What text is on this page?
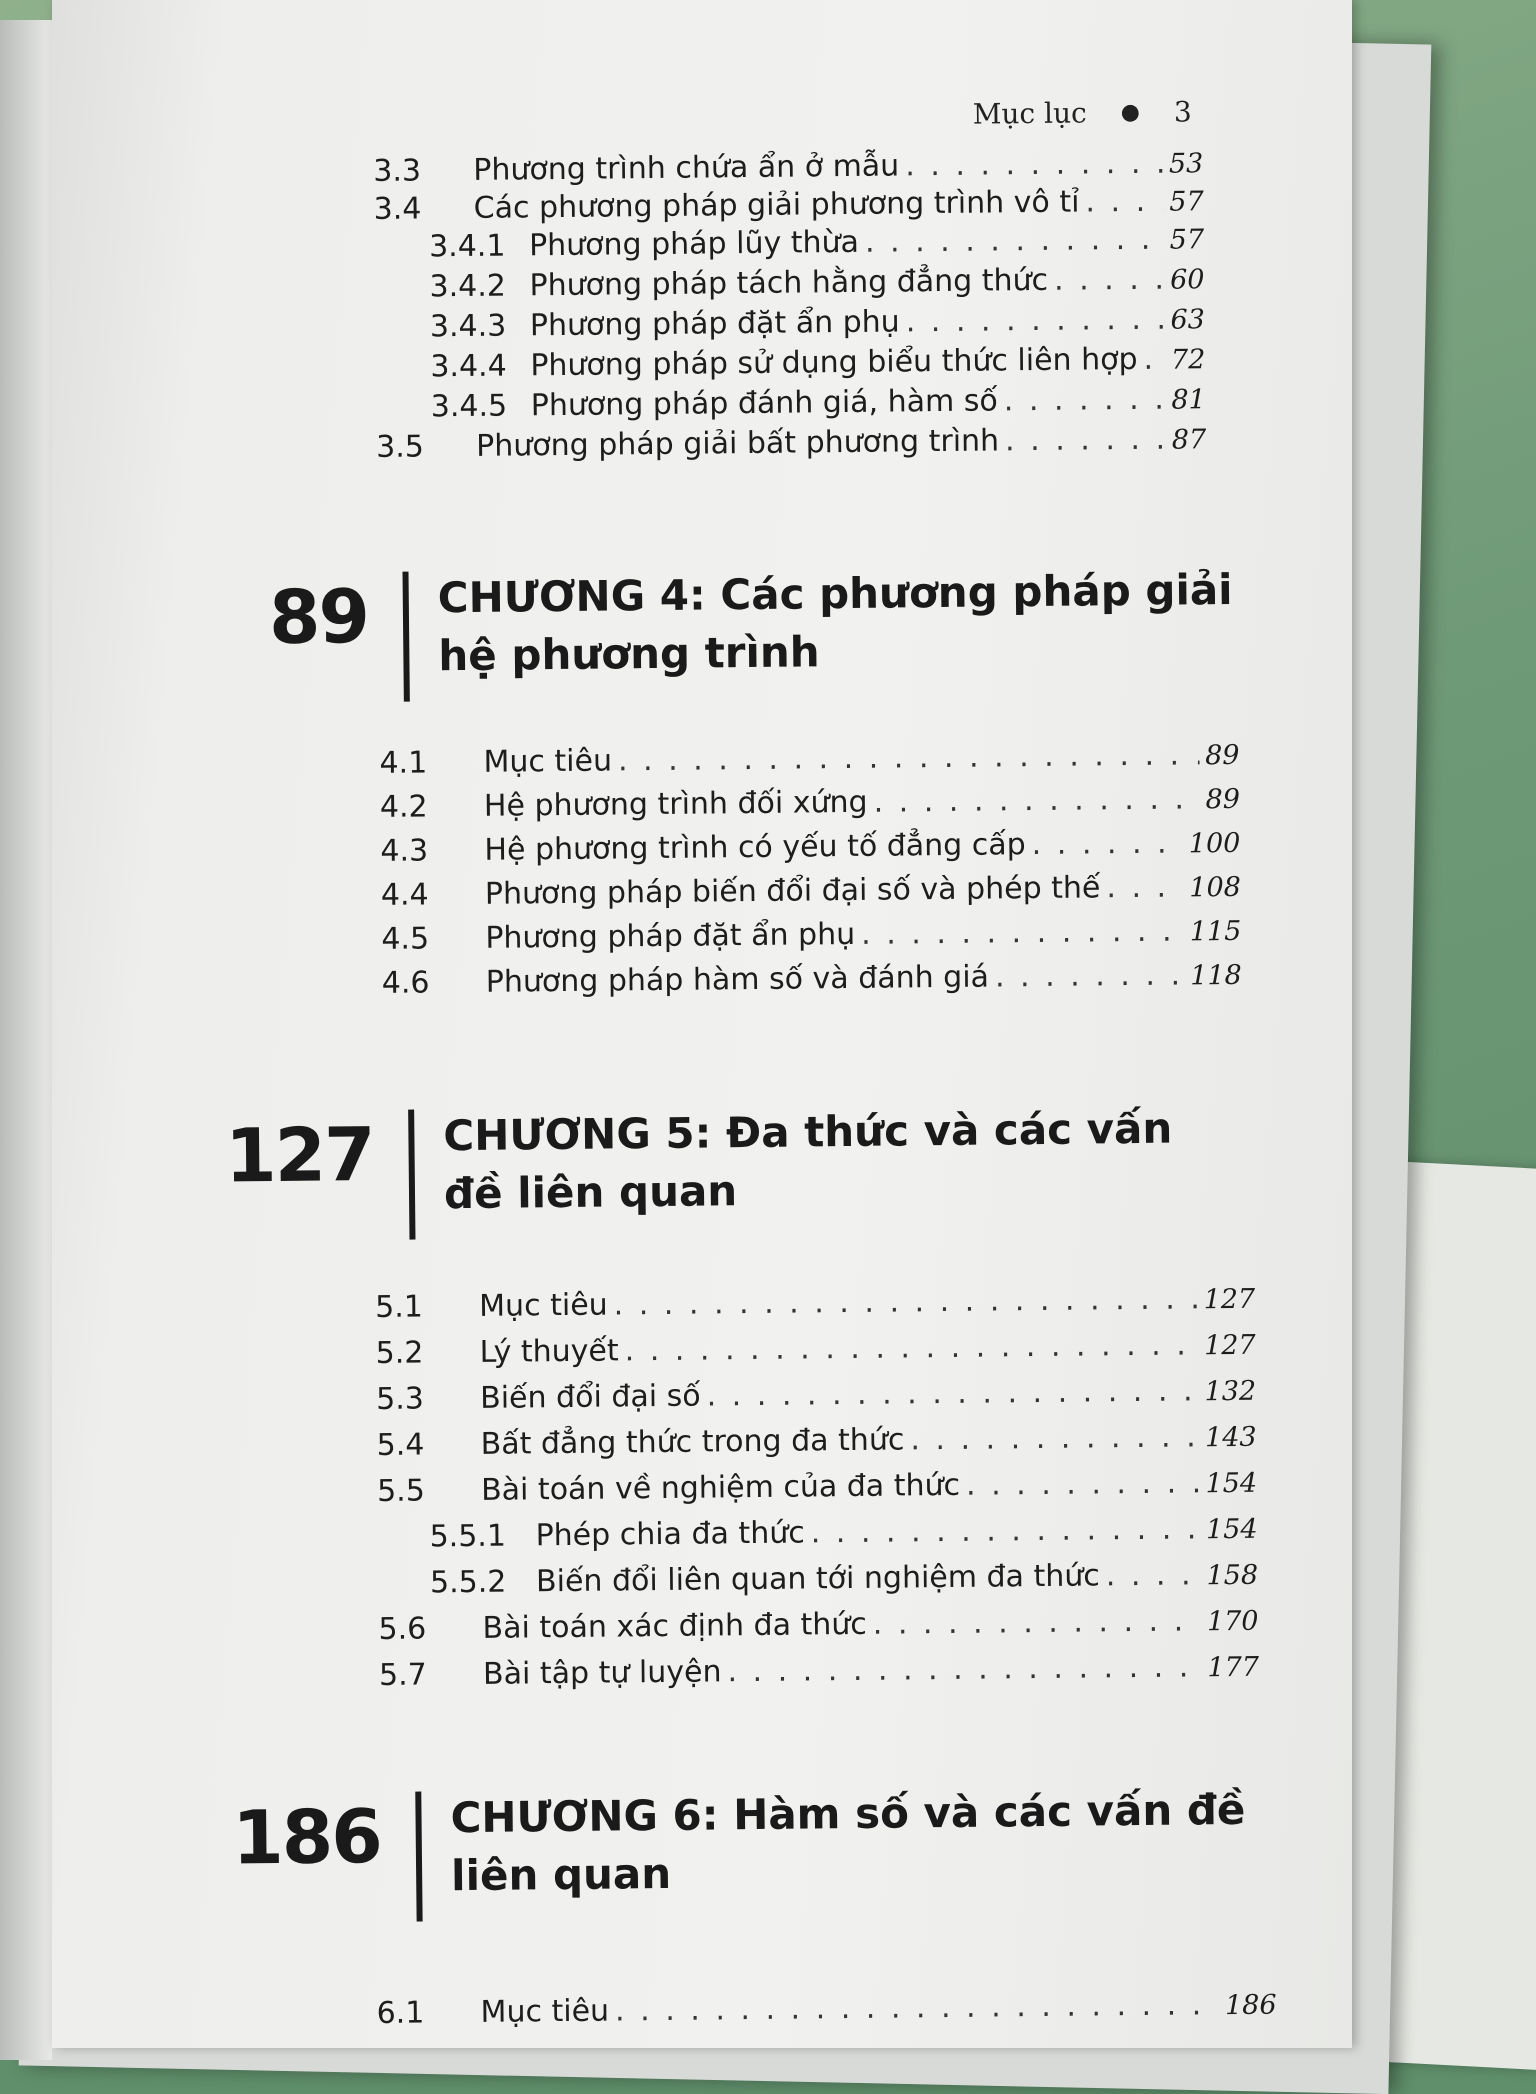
Mục lục ● 3
3.3	Phương trình chứa ẩn ở mẫu . . .	53
3.4	Các phương pháp giải phương trình vô tỉ . . .	57
3.4.1 Phương pháp lũy thừa . . .	57
3.4.2 Phương pháp tách hằng đẳng thức . . .	60
3.4.3 Phương pháp đặt ẩn phụ . . .	63
3.4.4 Phương pháp sử dụng biểu thức liên hợp . . . 72
3.4.5 Phương pháp đánh giá, hàm số . . .	81
3.5	Phương pháp giải bất phương trình . . .	87
89 CHƯƠNG 4: Các phương pháp giải
hệ phương trình
4.1	Mục tiêu . . .	89
4.2	Hệ phương trình đối xứng . . .	89
4.3	Hệ phương trình có yếu tố đẳng cấp . . .	100
4.4	Phương pháp biến đổi đại số và phép thế . . .	108
4.5	Phương pháp đặt ẩn phụ . . .	115
4.6	Phương pháp hàm số và đánh giá . . .	118
127 CHƯƠNG 5: Đa thức và các vấn
đề liên quan
5.1	Mục tiêu . . .	127
5.2	Lý thuyết . . .	127
5.3	Biến đổi đại số . . .	132
5.4	Bất đẳng thức trong đa thức . . .	143
5.5	Bài toán về nghiệm của đa thức . . .	154
5.5.1 Phép chia đa thức . . .	154
5.5.2 Biến đổi liên quan tới nghiệm đa thức . . .	158
5.6	Bài toán xác định đa thức . . .	170
5.7	Bài tập tự luyện . . .	177
186 CHƯƠNG 6: Hàm số và các vấn đề
liên quan
6.1	Mục tiêu . . .	186
